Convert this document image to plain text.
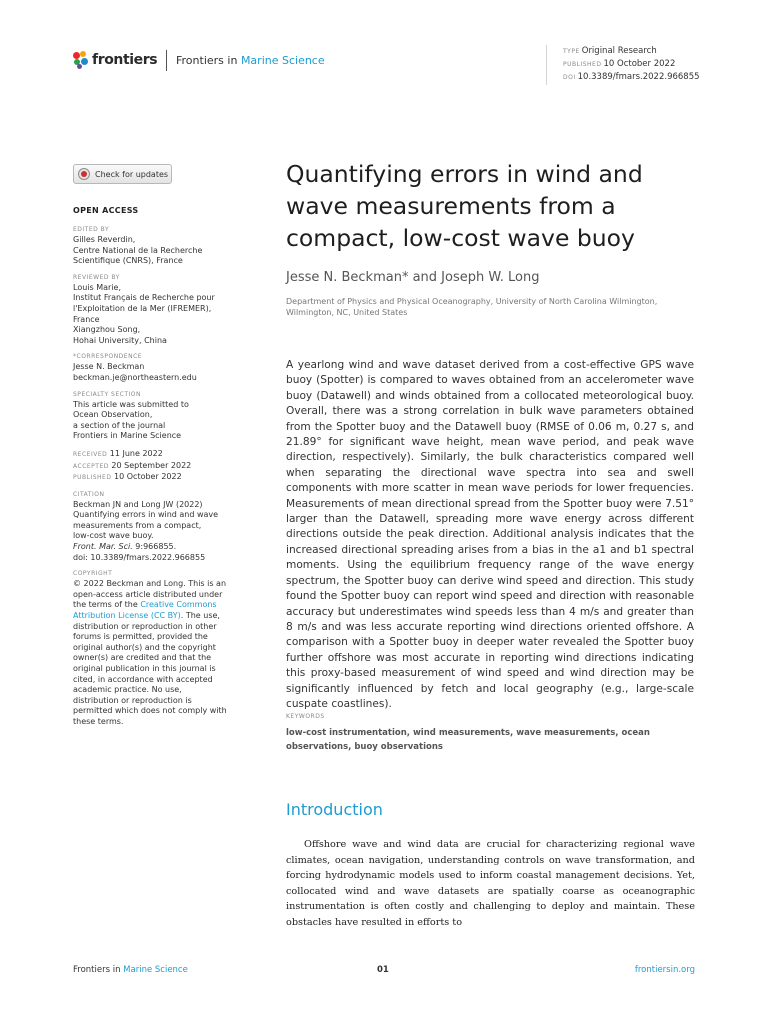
frontiers Frontiers in Marine Science
TYPE Original Research
PUBLISHED 10 October 2022
DOI 10.3389/fmars.2022.966855
Check for updates
OPEN ACCESS
EDITED BY
Gilles Reverdin,
Centre National de la Recherche
Scientifique (CNRS), France
REVIEWED BY
Louis Marie,
Institut Français de Recherche pour
l'Exploitation de la Mer (IFREMER),
France
Xiangzhou Song,
Hohai University, China
*CORRESPONDENCE
Jesse N. Beckman
beckman.je@northeastern.edu
SPECIALTY SECTION
This article was submitted to
Ocean Observation,
a section of the journal
Frontiers in Marine Science
RECEIVED 11 June 2022
ACCEPTED 20 September 2022
PUBLISHED 10 October 2022
CITATION
Beckman JN and Long JW (2022)
Quantifying errors in wind and wave
measurements from a compact,
low-cost wave buoy.
Front. Mar. Sci. 9:966855.
doi: 10.3389/fmars.2022.966855
COPYRIGHT
© 2022 Beckman and Long. This is an
open-access article distributed under
the terms of the Creative Commons
Attribution License (CC BY). The use,
distribution or reproduction in other
forums is permitted, provided the
original author(s) and the copyright
owner(s) are credited and that the
original publication in this journal is
cited, in accordance with accepted
academic practice. No use,
distribution or reproduction is
permitted which does not comply with
these terms.
Quantifying errors in wind and wave measurements from a compact, low-cost wave buoy
Jesse N. Beckman* and Joseph W. Long
Department of Physics and Physical Oceanography, University of North Carolina Wilmington, Wilmington, NC, United States

A yearlong wind and wave dataset derived from a cost-effective GPS wave buoy (Spotter) is compared to waves obtained from an accelerometer wave buoy (Datawell) and winds obtained from a collocated meteorological buoy. Overall, there was a strong correlation in bulk wave parameters obtained from the Spotter buoy and the Datawell buoy (RMSE of 0.06 m, 0.27 s, and 21.89° for significant wave height, mean wave period, and peak wave direction, respectively). Similarly, the bulk characteristics compared well when separating the directional wave spectra into sea and swell components with more scatter in mean wave periods for lower frequencies. Measurements of mean directional spread from the Spotter buoy were 7.51° larger than the Datawell, spreading more wave energy across different directions outside the peak direction. Additional analysis indicates that the increased directional spreading arises from a bias in the a1 and b1 spectral moments. Using the equilibrium frequency range of the wave energy spectrum, the Spotter buoy can derive wind speed and direction. This study found the Spotter buoy can report wind speed and direction with reasonable accuracy but underestimates wind speeds less than 4 m/s and greater than 8 m/s and was less accurate reporting wind directions oriented offshore. A comparison with a Spotter buoy in deeper water revealed the Spotter buoy further offshore was most accurate in reporting wind directions indicating this proxy-based measurement of wind speed and wind direction may be significantly influenced by fetch and local geography (e.g., large-scale cuspate coastlines).

KEYWORDS
low-cost instrumentation, wind measurements, wave measurements, ocean observations, buoy observations
Introduction

Offshore wave and wind data are crucial for characterizing regional wave climates, ocean navigation, understanding controls on wave transformation, and forcing hydrodynamic models used to inform coastal management decisions. Yet, collocated wind and wave datasets are spatially coarse as oceanographic instrumentation is often costly and challenging to deploy and maintain. These obstacles have resulted in efforts to

Frontiers in Marine Science	01	frontiersin.org
